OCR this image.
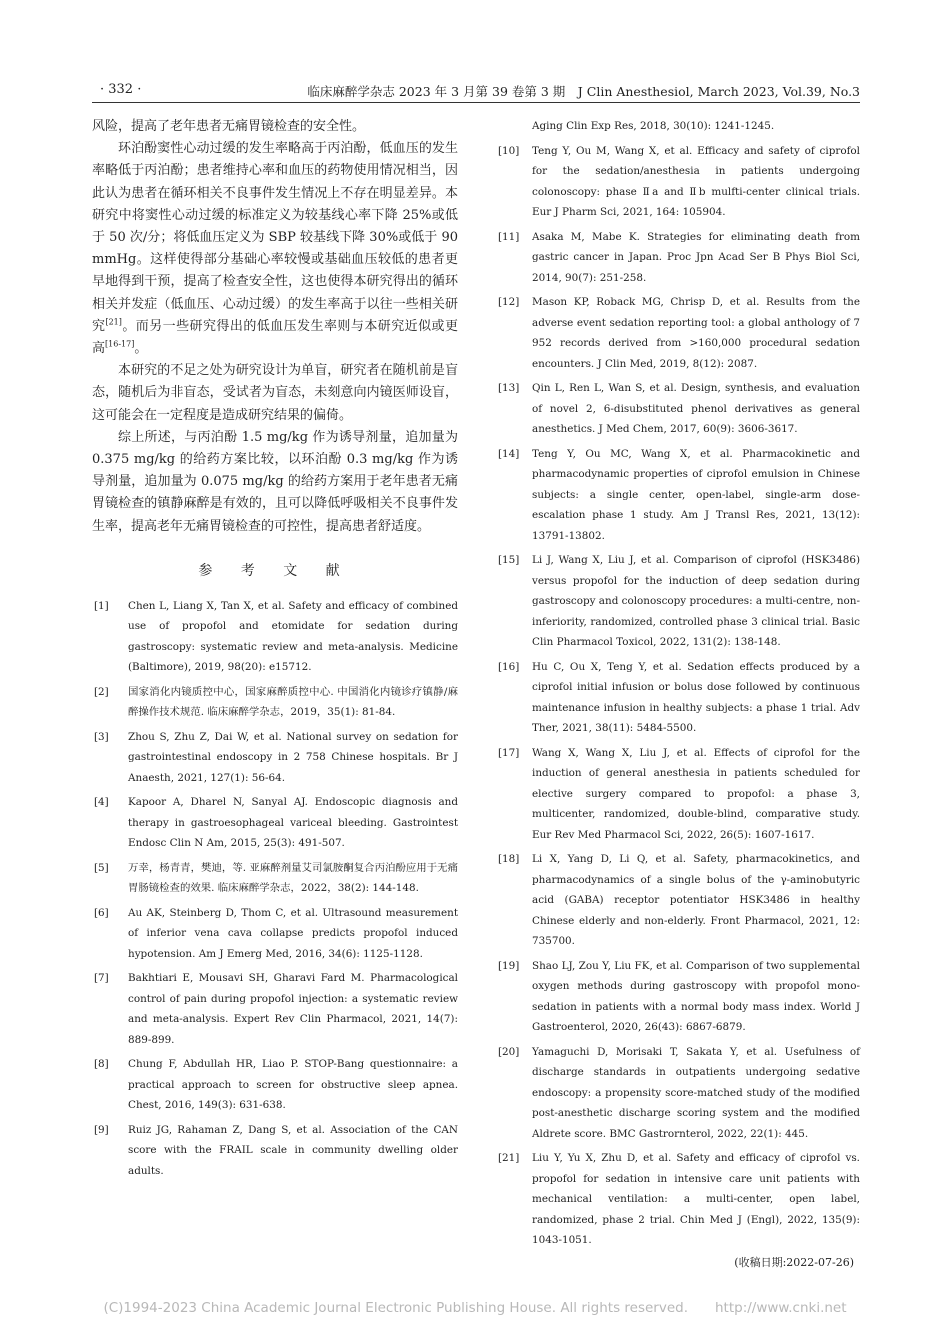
· 332 ·	临床麻醉学杂志 2023 年 3 月第 39 卷第 3 期　J Clin Anesthesiol, March 2023, Vol.39, No.3

风险，提高了老年患者无痛胃镜检查的安全性。

环泊酚窦性心动过缓的发生率略高于丙泊酚，低血压的发生率略低于丙泊酚；患者维持心率和血压的药物使用情况相当，因此认为患者在循环相关不良事件发生情况上不存在明显差异。本研究中将窦性心动过缓的标准定义为较基线心率下降 25%或低于 50 次/分；将低血压定义为 SBP 较基线下降 30%或低于 90 mmHg。这样使得部分基础心率较慢或基础血压较低的患者更早地得到干预，提高了检查安全性，这也使得本研究得出的循环相关并发症（低血压、心动过缓）的发生率高于以往一些相关研究[21]。而另一些研究得出的低血压发生率则与本研究近似或更高[16-17]。

本研究的不足之处为研究设计为单盲，研究者在随机前是盲态，随机后为非盲态，受试者为盲态，未刻意向内镜医师设盲，这可能会在一定程度是造成研究结果的偏倚。

综上所述，与丙泊酚 1.5 mg/kg 作为诱导剂量，追加量为 0.375 mg/kg 的给药方案比较，以环泊酚 0.3 mg/kg 作为诱导剂量，追加量为 0.075 mg/kg 的给药方案用于老年患者无痛胃镜检查的镇静麻醉是有效的，且可以降低呼吸相关不良事件发生率，提高老年无痛胃镜检查的可控性，提高患者舒适度。

参 考 文 献
[1] Chen L, Liang X, Tan X, et al. Safety and efficacy of combined use of propofol and etomidate for sedation during gastroscopy: systematic review and meta-analysis. Medicine (Baltimore), 2019, 98(20): e15712.
[2] 国家消化内镜质控中心，国家麻醉质控中心. 中国消化内镜诊疗镇静/麻醉操作技术规范. 临床麻醉学杂志，2019，35(1): 81-84.
[3] Zhou S, Zhu Z, Dai W, et al. National survey on sedation for gastrointestinal endoscopy in 2 758 Chinese hospitals. Br J Anaesth, 2021, 127(1): 56-64.
[4] Kapoor A, Dharel N, Sanyal AJ. Endoscopic diagnosis and therapy in gastroesophageal variceal bleeding. Gastrointest Endosc Clin N Am, 2015, 25(3): 491-507.
[5] 万幸，杨青青，樊迪，等. 亚麻醉剂量艾司氯胺酮复合丙泊酚应用于无痛胃肠镜检查的效果. 临床麻醉学杂志，2022，38(2): 144-148.
[6] Au AK, Steinberg D, Thom C, et al. Ultrasound measurement of inferior vena cava collapse predicts propofol induced hypotension. Am J Emerg Med, 2016, 34(6): 1125-1128.
[7] Bakhtiari E, Mousavi SH, Gharavi Fard M. Pharmacological control of pain during propofol injection: a systematic review and meta-analysis. Expert Rev Clin Pharmacol, 2021, 14(7): 889-899.
[8] Chung F, Abdullah HR, Liao P. STOP-Bang questionnaire: a practical approach to screen for obstructive sleep apnea. Chest, 2016, 149(3): 631-638.
[9] Ruiz JG, Rahaman Z, Dang S, et al. Association of the CAN score with the FRAIL scale in community dwelling older adults.
Aging Clin Exp Res, 2018, 30(10): 1241-1245.
[10] Teng Y, Ou M, Wang X, et al. Efficacy and safety of ciprofol for the sedation/anesthesia in patients undergoing colonoscopy: phase Ⅱa and Ⅱb mulfti-center clinical trials. Eur J Pharm Sci, 2021, 164: 105904.
[11] Asaka M, Mabe K. Strategies for eliminating death from gastric cancer in Japan. Proc Jpn Acad Ser B Phys Biol Sci, 2014, 90(7): 251-258.
[12] Mason KP, Roback MG, Chrisp D, et al. Results from the adverse event sedation reporting tool: a global anthology of 7 952 records derived from >160,000 procedural sedation encounters. J Clin Med, 2019, 8(12): 2087.
[13] Qin L, Ren L, Wan S, et al. Design, synthesis, and evaluation of novel 2, 6-disubstituted phenol derivatives as general anesthetics. J Med Chem, 2017, 60(9): 3606-3617.
[14] Teng Y, Ou MC, Wang X, et al. Pharmacokinetic and pharmacodynamic properties of ciprofol emulsion in Chinese subjects: a single center, open-label, single-arm dose-escalation phase 1 study. Am J Transl Res, 2021, 13(12): 13791-13802.
[15] Li J, Wang X, Liu J, et al. Comparison of ciprofol (HSK3486) versus propofol for the induction of deep sedation during gastroscopy and colonoscopy procedures: a multi-centre, non-inferiority, randomized, controlled phase 3 clinical trial. Basic Clin Pharmacol Toxicol, 2022, 131(2): 138-148.
[16] Hu C, Ou X, Teng Y, et al. Sedation effects produced by a ciprofol initial infusion or bolus dose followed by continuous maintenance infusion in healthy subjects: a phase 1 trial. Adv Ther, 2021, 38(11): 5484-5500.
[17] Wang X, Wang X, Liu J, et al. Effects of ciprofol for the induction of general anesthesia in patients scheduled for elective surgery compared to propofol: a phase 3, multicenter, randomized, double-blind, comparative study. Eur Rev Med Pharmacol Sci, 2022, 26(5): 1607-1617.
[18] Li X, Yang D, Li Q, et al. Safety, pharmacokinetics, and pharmacodynamics of a single bolus of the γ-aminobutyric acid (GABA) receptor potentiator HSK3486 in healthy Chinese elderly and non-elderly. Front Pharmacol, 2021, 12: 735700.
[19] Shao LJ, Zou Y, Liu FK, et al. Comparison of two supplemental oxygen methods during gastroscopy with propofol mono-sedation in patients with a normal body mass index. World J Gastroenterol, 2020, 26(43): 6867-6879.
[20] Yamaguchi D, Morisaki T, Sakata Y, et al. Usefulness of discharge standards in outpatients undergoing sedative endoscopy: a propensity score-matched study of the modified post-anesthetic discharge scoring system and the modified Aldrete score. BMC Gastrornterol, 2022, 22(1): 445.
[21] Liu Y, Yu X, Zhu D, et al. Safety and efficacy of ciprofol vs. propofol for sedation in intensive care unit patients with mechanical ventilation: a multi-center, open label, randomized, phase 2 trial. Chin Med J (Engl), 2022, 135(9): 1043-1051.
(收稿日期:2022-07-26)
(C)1994-2023 China Academic Journal Electronic Publishing House. All rights reserved.　　http://www.cnki.net
